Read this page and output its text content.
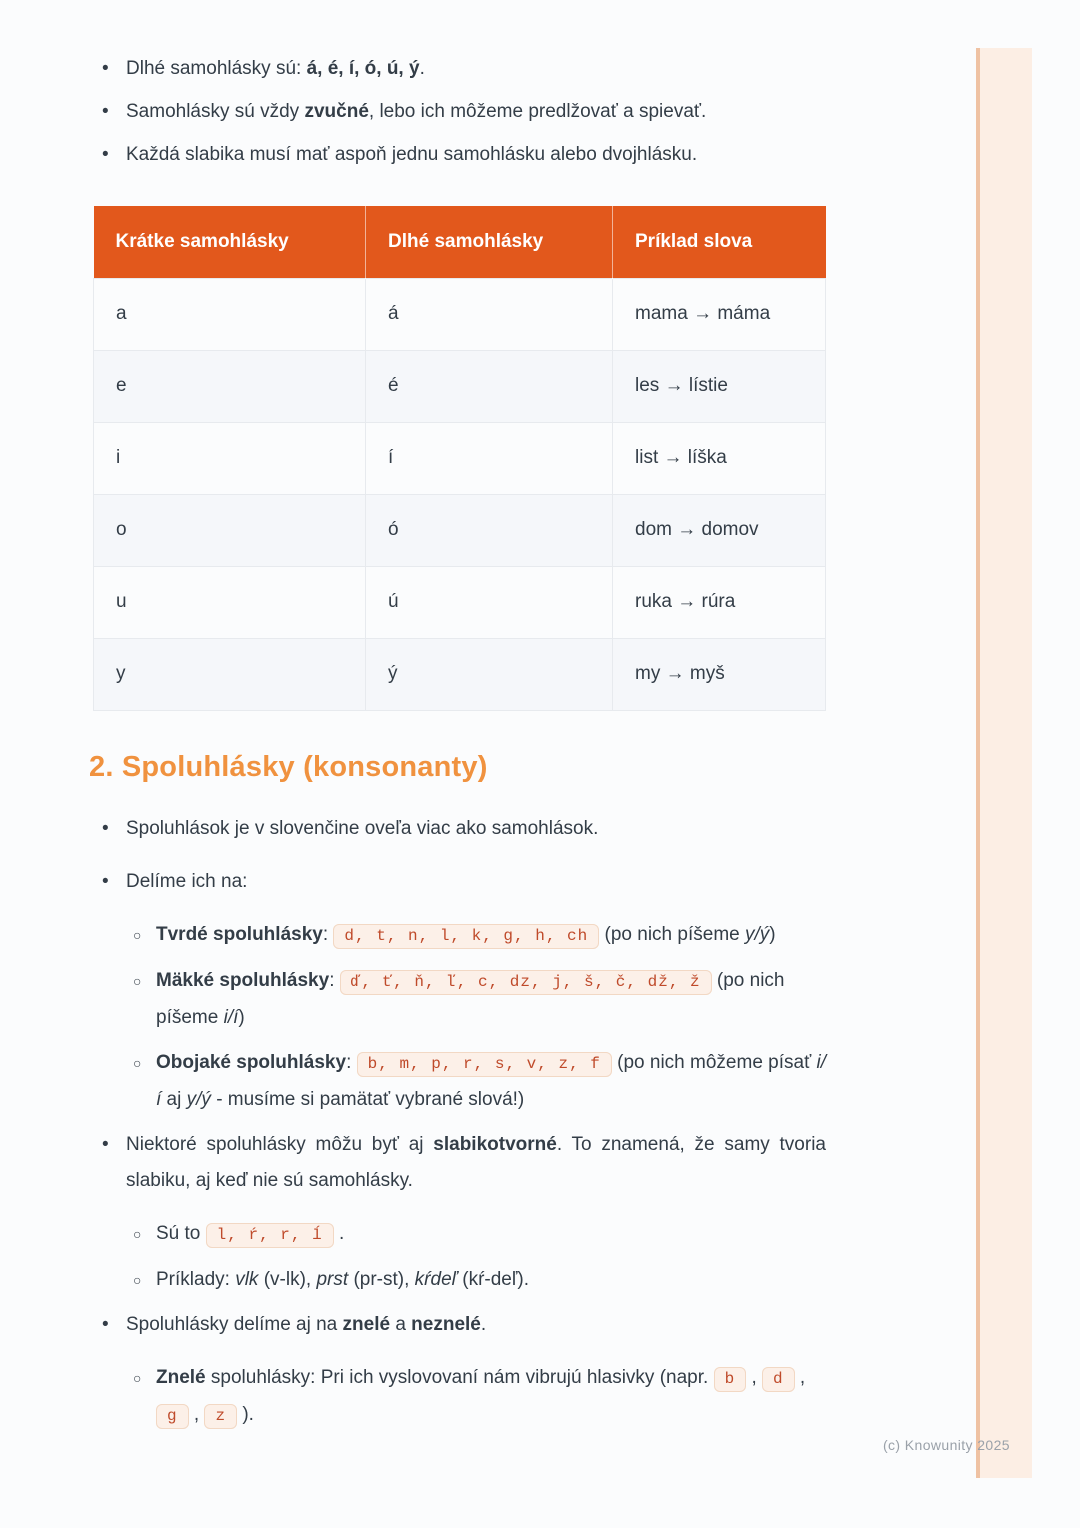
• Dlhé samohlásky sú: á, é, í, ó, ú, ý.
• Samohlásky sú vždy zvučné, lebo ich môžeme predlžovať a spievať.
• Každá slabika musí mať aspoň jednu samohlásku alebo dvojhlásku.
Krátke samohlásky	Dlhé samohlásky	Príklad slova
a	á	mama → máma
e	é	les → lístie
i	í	list → líška
o	ó	dom → domov
u	ú	ruka → rúra
y	ý	my → myš
2. Spoluhlásky (konsonanty)
• Spoluhlások je v slovenčine oveľa viac ako samohlások.
• Delíme ich na:
○ Tvrdé spoluhlásky: d, t, n, l, k, g, h, ch (po nich píšeme y/ý)
○ Mäkké spoluhlásky: ď, ť, ň, ľ, c, dz, j, š, č, dž, ž (po nich píšeme i/í)
○ Obojaké spoluhlásky: b, m, p, r, s, v, z, f (po nich môžeme písať i/í aj y/ý - musíme si pamätať vybrané slová!)
• Niektoré spoluhlásky môžu byť aj slabikotvorné. To znamená, že samy tvoria slabiku, aj keď nie sú samohlásky.
○ Sú to l, ŕ, r, ĺ .
○ Príklady: vlk (v-lk), prst (pr-st), kŕdeľ (kŕ-deľ).
• Spoluhlásky delíme aj na znelé a neznelé.
○ Znelé spoluhlásky: Pri ich vyslovovaní nám vibrujú hlasivky (napr. b , d , g , z ).
(c) Knowunity 2025
